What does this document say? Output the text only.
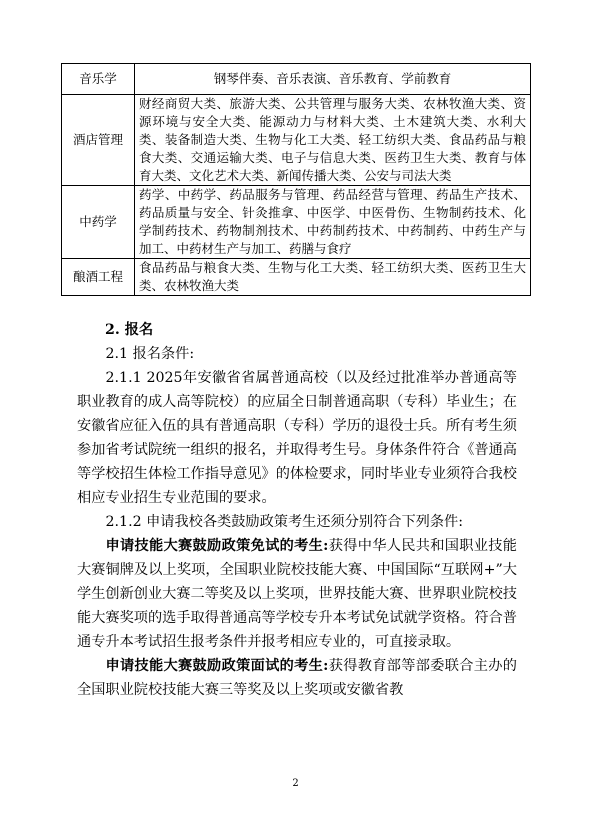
音乐学	钢琴伴奏、音乐表演、音乐教育、学前教育
酒店管理	财经商贸大类、旅游大类、公共管理与服务大类、农林牧渔大类、资源环境与安全大类、能源动力与材料大类、土木建筑大类、水利大类、装备制造大类、生物与化工大类、轻工纺织大类、食品药品与粮食大类、交通运输大类、电子与信息大类、医药卫生大类、教育与体育大类、文化艺术大类、新闻传播大类、公安与司法大类
中药学	药学、中药学、药品服务与管理、药品经营与管理、药品生产技术、药品质量与安全、针灸推拿、中医学、中医骨伤、生物制药技术、化学制药技术、药物制剂技术、中药制药技术、中药制药、中药生产与加工、中药材生产与加工、药膳与食疗
酿酒工程	食品药品与粮食大类、生物与化工大类、轻工纺织大类、医药卫生大类、农林牧渔大类

2. 报名

2.1 报名条件:

2.1.1 2025年安徽省省属普通高校（以及经过批准举办普通高等职业教育的成人高等院校）的应届全日制普通高职（专科）毕业生；在安徽省应征入伍的具有普通高职（专科）学历的退役士兵。所有考生须参加省考试院统一组织的报名，并取得考生号。身体条件符合《普通高等学校招生体检工作指导意见》的体检要求，同时毕业专业须符合我校相应专业招生专业范围的要求。

2.1.2 申请我校各类鼓励政策考生还须分别符合下列条件:

申请技能大赛鼓励政策免试的考生:获得中华人民共和国职业技能大赛铜牌及以上奖项，全国职业院校技能大赛、中国国际“互联网+”大学生创新创业大赛二等奖及以上奖项，世界技能大赛、世界职业院校技能大赛奖项的选手取得普通高等学校专升本考试免试就学资格。符合普通专升本考试招生报考条件并报考相应专业的，可直接录取。

申请技能大赛鼓励政策面试的考生:获得教育部等部委联合主办的全国职业院校技能大赛三等奖及以上奖项或安徽省教

2
